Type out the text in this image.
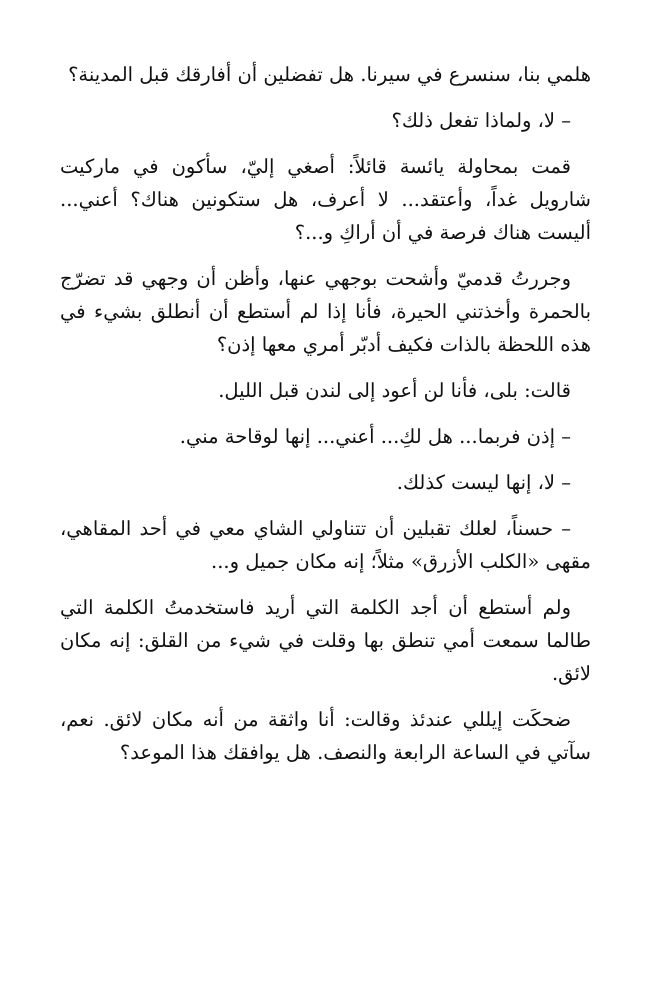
هلمي بنا، سنسرع في سيرنا. هل تفضلين أن أفارقك قبل المدينة؟

– لا، ولماذا تفعل ذلك؟

قمت بمحاولة يائسة قائلاً: أصغي إليّ، سأكون في ماركيت شارويل غداً، وأعتقد... لا أعرف، هل ستكونين هناك؟ أعني... أليست هناك فرصة في أن أراكِ و...؟

وجررتُ قدميّ وأشحت بوجهي عنها، وأظن أن وجهي قد تضرّج بالحمرة وأخذتني الحيرة، فأنا إذا لم أستطع أن أنطلق بشيء في هذه اللحظة بالذات فكيف أدبّر أمري معها إذن؟

قالت: بلى، فأنا لن أعود إلى لندن قبل الليل.

– إذن فربما... هل لكِ... أعني... إنها لوقاحة مني.

– لا، إنها ليست كذلك.

– حسناً، لعلك تقبلين أن تتناولي الشاي معي في أحد المقاهي، مقهى «الكلب الأزرق» مثلاً؛ إنه مكان جميل و...

ولم أستطع أن أجد الكلمة التي أريد فاستخدمتُ الكلمة التي طالما سمعت أمي تنطق بها وقلت في شيء من القلق: إنه مكان لائق.

ضحكَت إيللي عندئذ وقالت: أنا واثقة من أنه مكان لائق. نعم، سآتي في الساعة الرابعة والنصف. هل يوافقك هذا الموعد؟
